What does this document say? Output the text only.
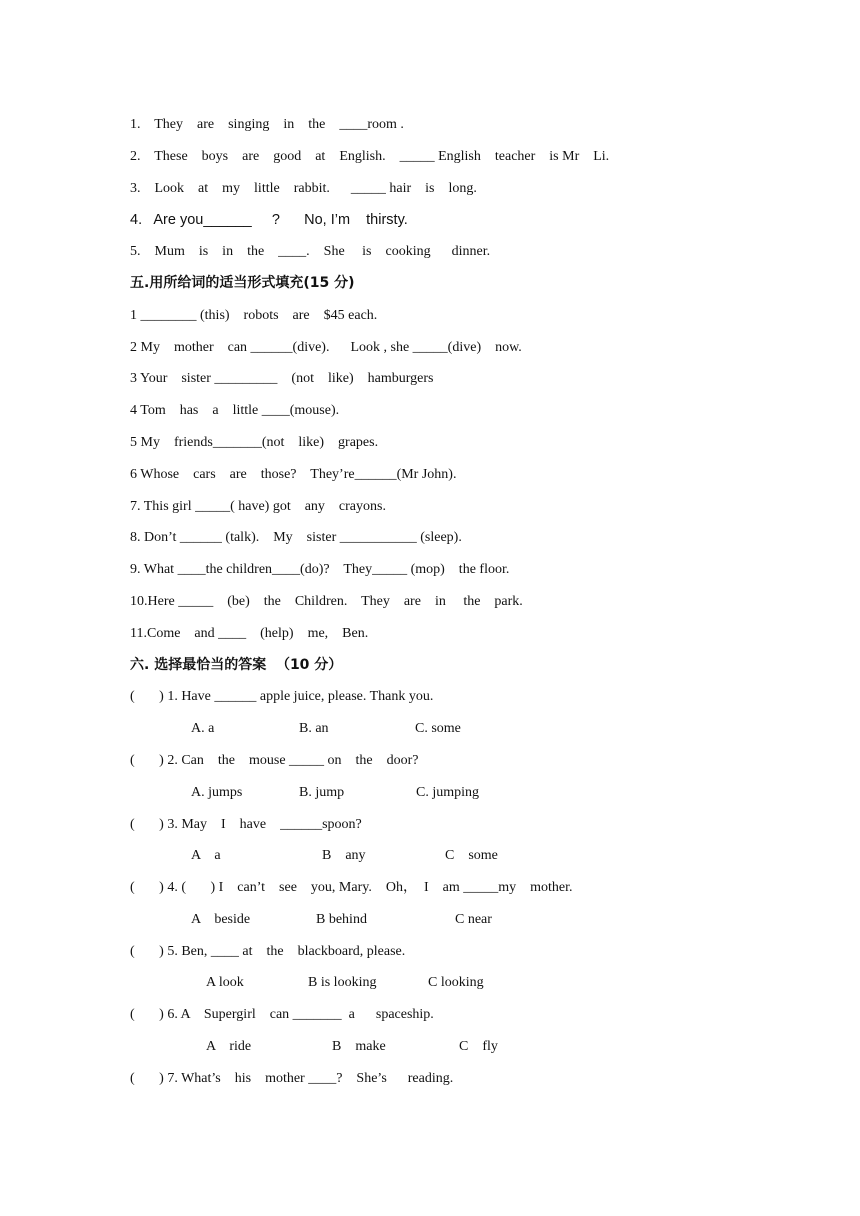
1.    They    are    singing    in    the    ____room .

2.    These    boys    are    good    at    English.    _____ English    teacher    is Mr    Li.

3.    Look    at    my    little    rabbit.      _____ hair    is    long.

4.   Are you______     ?      No, I’m    thirsty.

5.    Mum    is    in    the    ____.    She     is    cooking      dinner.

五.用所给词的适当形式填充(15 分)

1 ________ (this)    robots    are    $45 each.

2 My    mother    can ______(dive).      Look , she _____(dive)    now.

3 Your    sister _________    (not    like)    hamburgers

4 Tom    has    a    little ____(mouse).

5 My    friends_______(not    like)    grapes.

6 Whose    cars    are    those?    They’re______(Mr John).

7. This girl _____( have) got    any    crayons.

8. Don’t ______ (talk).    My    sister ___________ (sleep).

9. What ____the children____(do)?    They_____ (mop)    the floor.

10.Here _____    (be)    the    Children.    They    are    in     the    park.

11.Come    and ____    (help)    me,    Ben.

六. 选择最恰当的答案  （10 分）

(       ) 1. Have ______ apple juice, please. Thank you.

A. a	B. an	C. some

(       ) 2. Can    the    mouse _____ on    the    door?

A. jumps	B. jump	C. jumping

(       ) 3. May    I    have    ______spoon?

A    a	B    any	C    some

(       ) 4. (       ) I    can’t    see    you, Mary.    Oh，  I    am _____my    mother.

A    beside	B behind	C near

(       ) 5. Ben, ____ at    the    blackboard, please.

A look	B is looking	C looking

(       ) 6. A    Supergirl    can _______  a      spaceship.

A    ride	B    make	C    fly

(       ) 7. What’s    his    mother ____?    She’s      reading.
